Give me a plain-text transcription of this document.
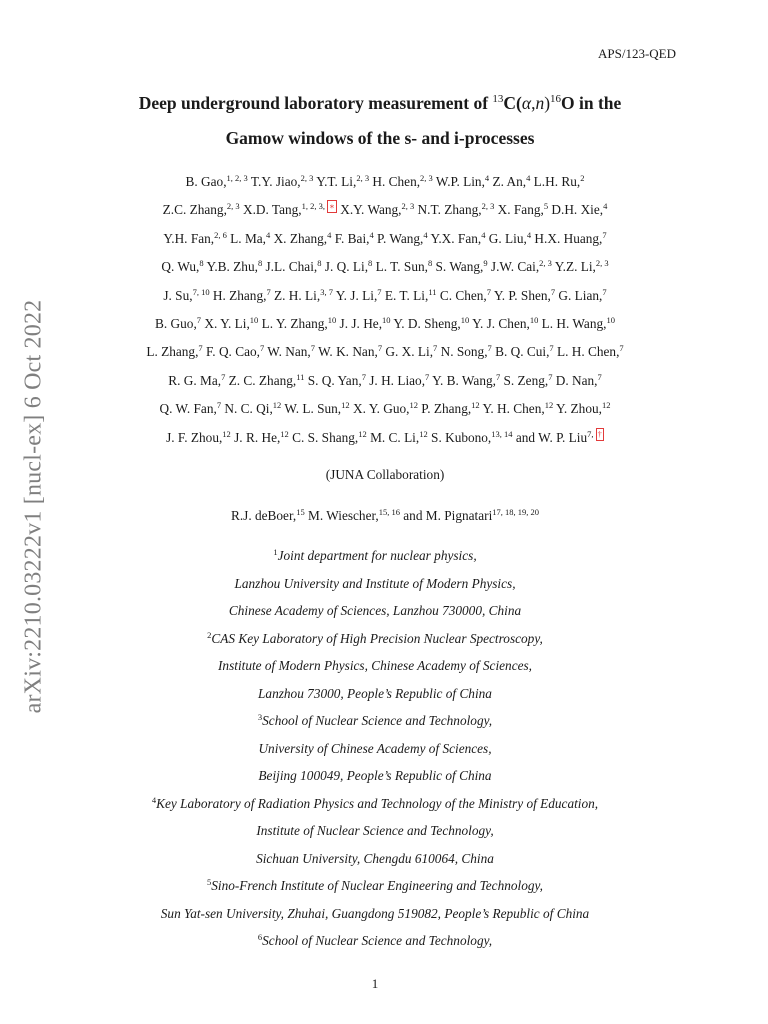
arXiv:2210.03222v1 [nucl-ex] 6 Oct 2022
APS/123-QED
Deep underground laboratory measurement of $^{13}C(\alpha,n)^{16}O$ in the
Gamow windows of the s- and i-processes
B. Gao,$^{1, 2, 3}$ T.Y. Jiao,$^{2, 3}$ Y.T. Li,$^{2, 3}$ H. Chen,$^{2, 3}$ W.P. Lin,$^4$ Z. An,$^4$ L.H. Ru,$^2$
Z.C. Zhang,$^{2, 3}$ X.D. Tang,$^{1, 2, 3,}$ ∗ X.Y. Wang,$^{2, 3}$ N.T. Zhang,$^{2, 3}$ X. Fang,$^5$ D.H. Xie,$^4$
Y.H. Fan,$^{2, 6}$ L. Ma,$^4$ X. Zhang,$^4$ F. Bai,$^4$ P. Wang,$^4$ Y.X. Fan,$^4$ G. Liu,$^4$ H.X. Huang,$^7$
Q. Wu,$^8$ Y.B. Zhu,$^8$ J.L. Chai,$^8$ J. Q. Li,$^8$ L. T. Sun,$^8$ S. Wang,$^9$ J.W. Cai,$^{2, 3}$ Y.Z. Li,$^{2, 3}$
J. Su,$^{7, 10}$ H. Zhang,$^7$ Z. H. Li,$^{3, 7}$ Y. J. Li,$^7$ E. T. Li,$^{11}$ C. Chen,$^7$ Y. P. Shen,$^7$ G. Lian,$^7$
B. Guo,$^7$ X. Y. Li,$^{10}$ L. Y. Zhang,$^{10}$ J. J. He,$^{10}$ Y. D. Sheng,$^{10}$ Y. J. Chen,$^{10}$ L. H. Wang,$^{10}$
L. Zhang,$^7$ F. Q. Cao,$^7$ W. Nan,$^7$ W. K. Nan,$^7$ G. X. Li,$^7$ N. Song,$^7$ B. Q. Cui,$^7$ L. H. Chen,$^7$
R. G. Ma,$^7$ Z. C. Zhang,$^{11}$ S. Q. Yan,$^7$ J. H. Liao,$^7$ Y. B. Wang,$^7$ S. Zeng,$^7$ D. Nan,$^7$
Q. W. Fan,$^7$ N. C. Qi,$^{12}$ W. L. Sun,$^{12}$ X. Y. Guo,$^{12}$ P. Zhang,$^{12}$ Y. H. Chen,$^{12}$ Y. Zhou,$^{12}$
J. F. Zhou,$^{12}$ J. R. He,$^{12}$ C. S. Shang,$^{12}$ M. C. Li,$^{12}$ S. Kubono,$^{13, 14}$ and W. P. Liu$^{7,}$ †
(JUNA Collaboration)
R.J. deBoer,$^{15}$ M. Wiescher,$^{15, 16}$ and M. Pignatari$^{17, 18, 19, 20}$
$^1$Joint department for nuclear physics,
Lanzhou University and Institute of Modern Physics,
Chinese Academy of Sciences, Lanzhou 730000, China
$^2$CAS Key Laboratory of High Precision Nuclear Spectroscopy,
Institute of Modern Physics, Chinese Academy of Sciences,
Lanzhou 73000, People’s Republic of China
$^3$School of Nuclear Science and Technology,
University of Chinese Academy of Sciences,
Beijing 100049, People’s Republic of China
$^4$Key Laboratory of Radiation Physics and Technology of the Ministry of Education,
Institute of Nuclear Science and Technology,
Sichuan University, Chengdu 610064, China
$^5$Sino-French Institute of Nuclear Engineering and Technology,
Sun Yat-sen University, Zhuhai, Guangdong 519082, People’s Republic of China
$^6$School of Nuclear Science and Technology,
1
